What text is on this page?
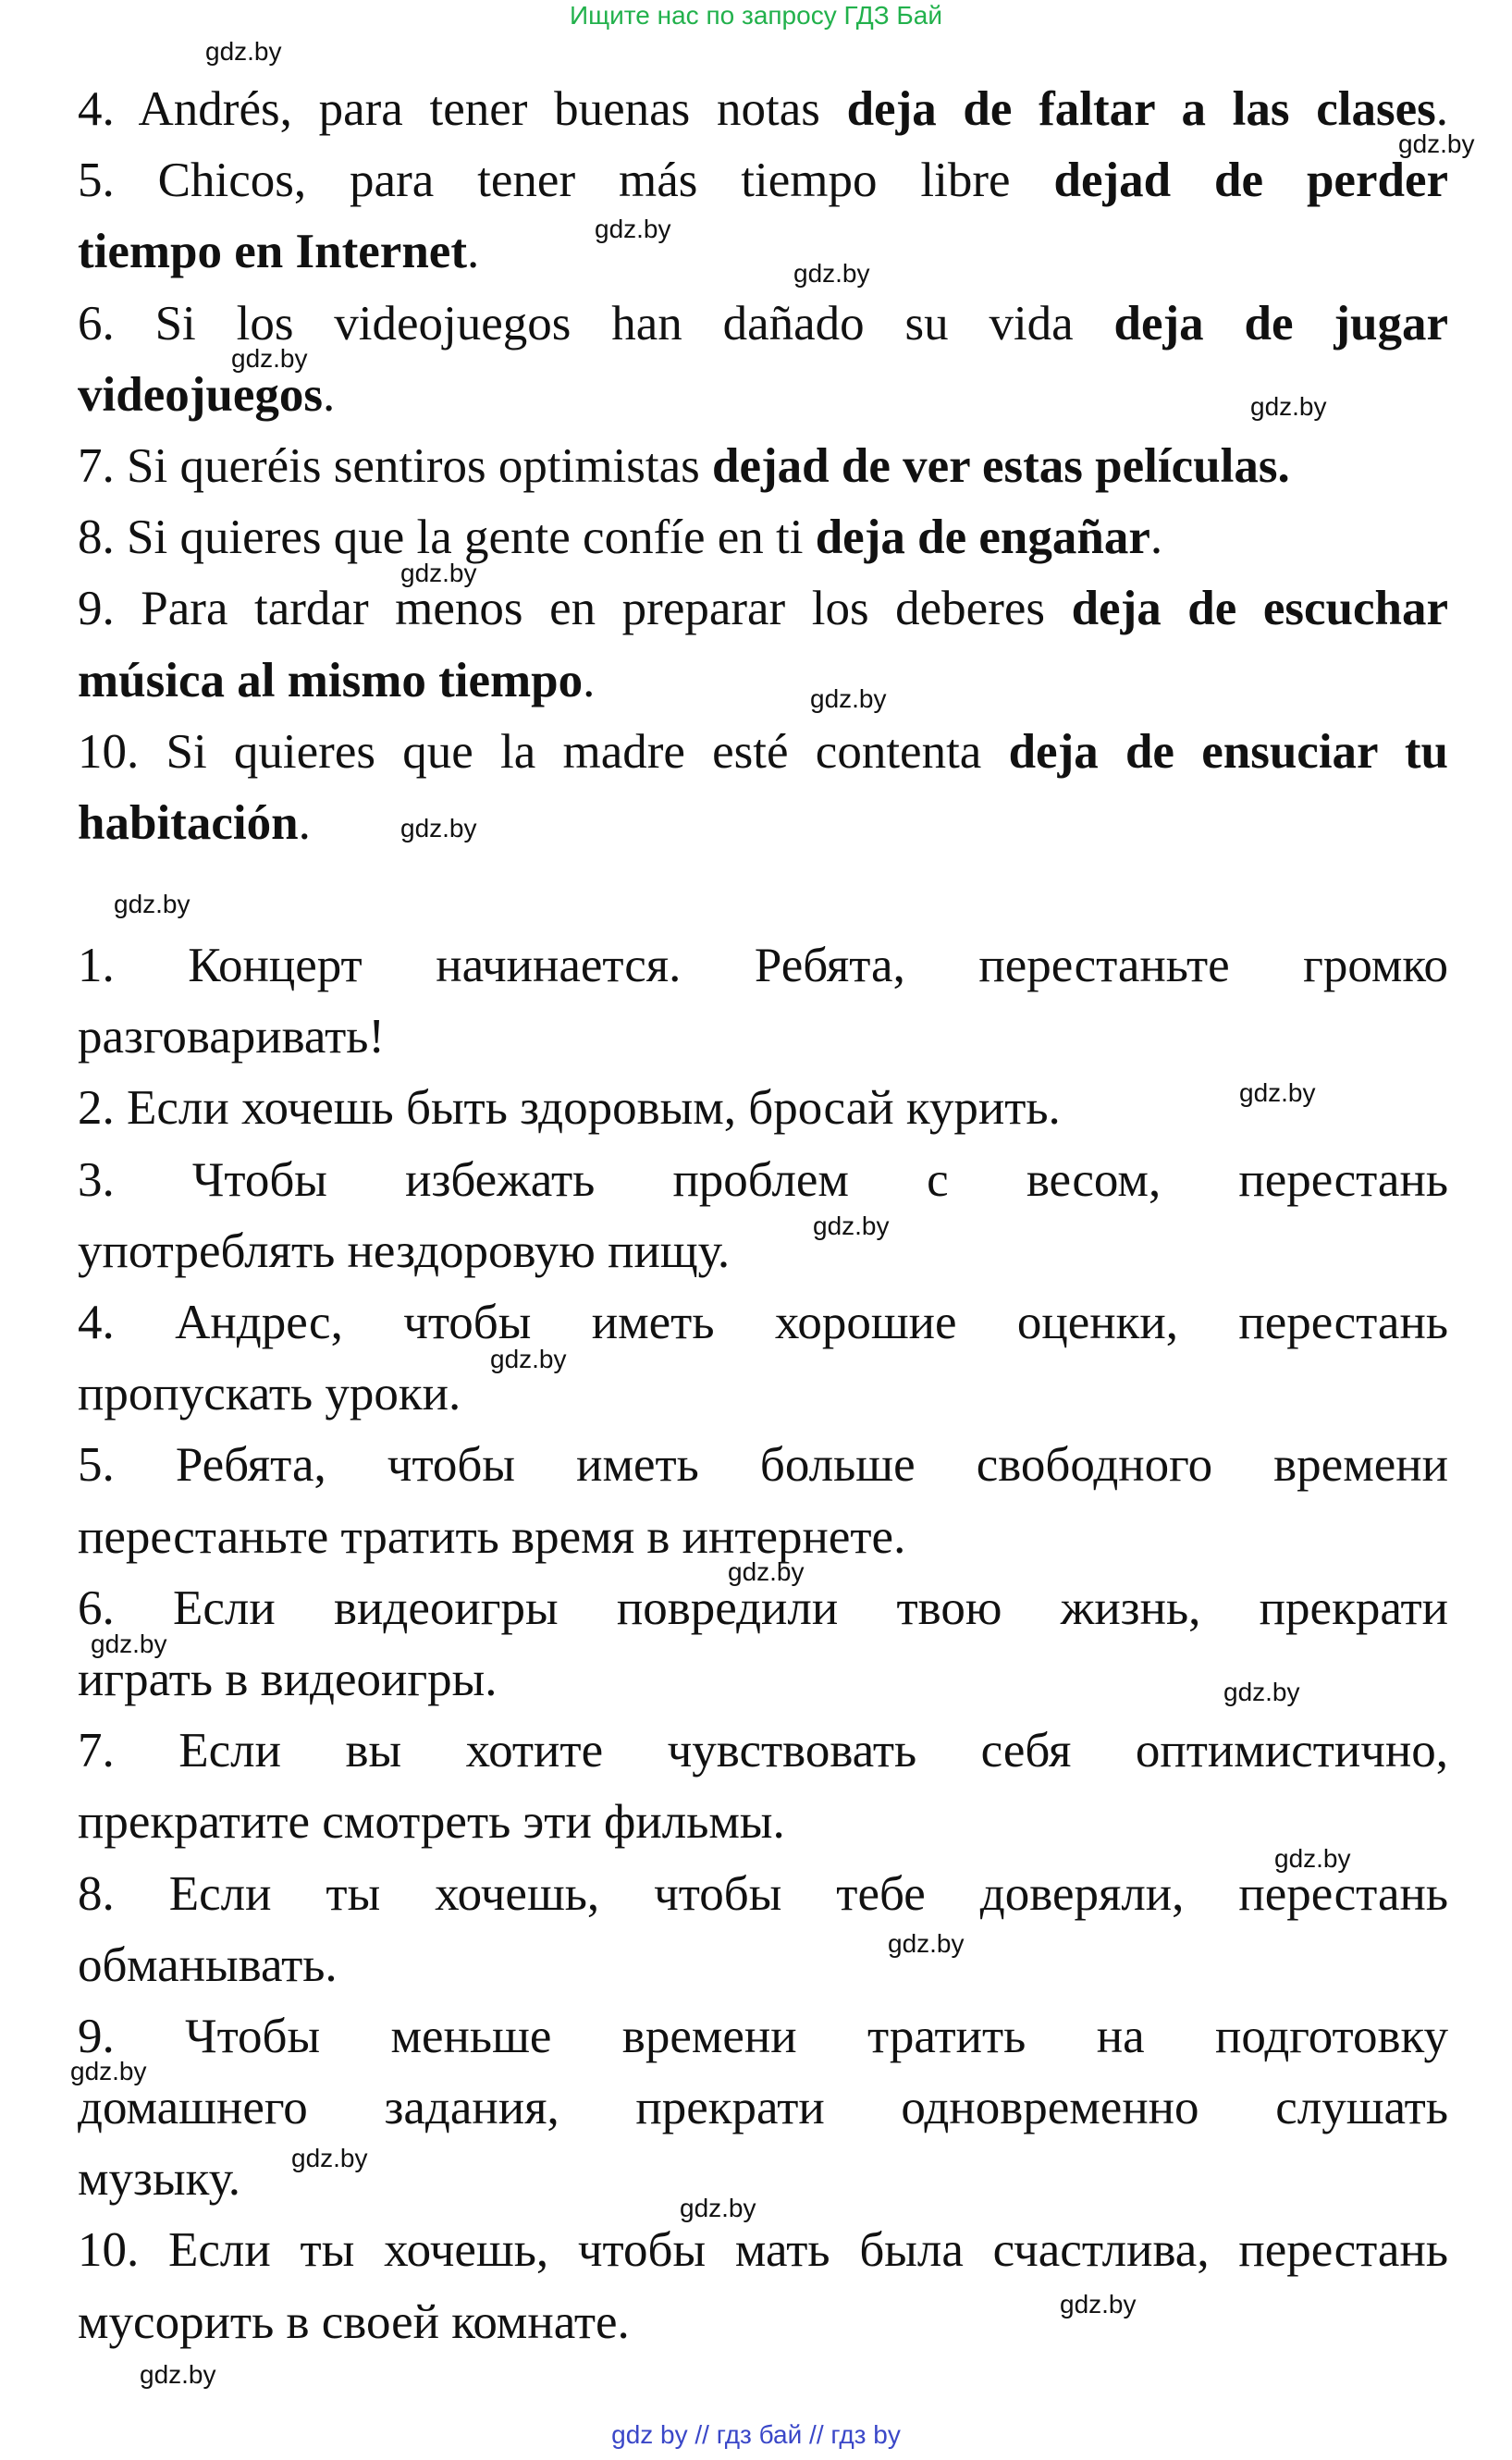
Ищите нас по запросу ГДЗ Бай
4. Andrés, para tener buenas notas deja de faltar a las clases.
5. Chicos, para tener más tiempo libre dejad de perder
tiempo en Internet.
6. Si los videojuegos han dañado su vida deja de jugar
videojuegos.
7. Si queréis sentiros optimistas dejad de ver estas películas.
8. Si quieres que la gente confíe en ti deja de engañar.
9. Para tardar menos en preparar los deberes deja de escuchar
música al mismo tiempo.
10. Si quieres que la madre esté contenta deja de ensuciar tu
habitación.
1. Концерт начинается. Ребята, перестаньте громко
разговаривать!
2. Если хочешь быть здоровым, бросай курить.
3. Чтобы избежать проблем с весом, перестань
употреблять нездоровую пищу.
4. Андрес, чтобы иметь хорошие оценки, перестань
пропускать уроки.
5. Ребята, чтобы иметь больше свободного времени
перестаньте тратить время в интернете.
6. Если видеоигры повредили твою жизнь, прекрати
играть в видеоигры.
7. Если вы хотите чувствовать себя оптимистично,
прекратите смотреть эти фильмы.
8. Если ты хочешь, чтобы тебе доверяли, перестань
обманывать.
9. Чтобы меньше времени тратить на подготовку
домашнего задания, прекрати одновременно слушать
музыку.
10. Если ты хочешь, чтобы мать была счастлива, перестань
мусорить в своей комнате.
gdz.by
gdz.by
gdz.by
gdz.by
gdz.by
gdz.by
gdz.by
gdz.by
gdz.by
gdz.by
gdz.by
gdz.by
gdz.by
gdz.by
gdz.by
gdz.by
gdz.by
gdz.by
gdz.by
gdz.by
gdz.by
gdz.by
gdz.by
gdz by // гдз бай // гдз by
